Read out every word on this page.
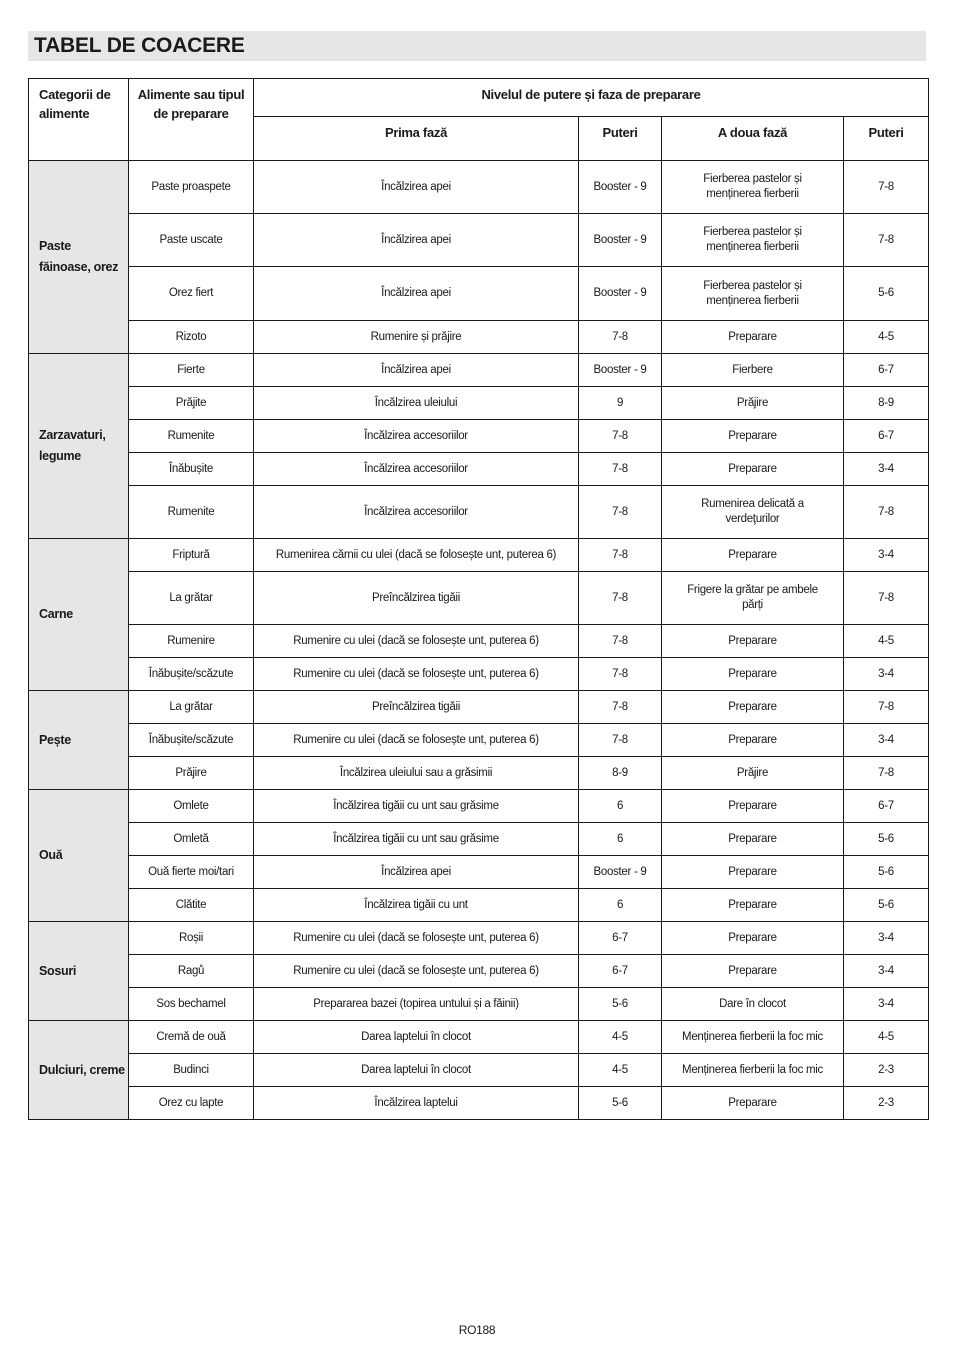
TABEL DE COACERE
Categorii de alimente	Alimente sau tipul de preparare	Nivelul de putere și faza de preparare			
		Prima fază	Puteri	A doua fază	Puteri
Paste făinoase, orez	Paste proaspete	Încălzirea apei	Booster - 9	Fierberea pastelor și menținerea fierberii	7-8
	Paste uscate	Încălzirea apei	Booster - 9	Fierberea pastelor și menținerea fierberii	7-8
	Orez fiert	Încălzirea apei	Booster - 9	Fierberea pastelor și menținerea fierberii	5-6
	Rizoto	Rumenire și prăjire	7-8	Preparare	4-5
Zarzavaturi, legume	Fierte	Încălzirea apei	Booster - 9	Fierbere	6-7
	Prăjite	Încălzirea uleiului	9	Prăjire	8-9
	Rumenite	Încălzirea accesoriilor	7-8	Preparare	6-7
	Înăbușite	Încălzirea accesoriilor	7-8	Preparare	3-4
	Rumenite	Încălzirea accesoriilor	7-8	Rumenirea delicată a verdeţurilor	7-8
Carne	Friptură	Rumenirea cărnii cu ulei (dacă se folosește unt, puterea 6)	7-8	Preparare	3-4
	La grătar	Preîncălzirea tigăii	7-8	Frigere la grătar pe ambele părți	7-8
	Rumenire	Rumenire cu ulei (dacă se folosește unt, puterea 6)	7-8	Preparare	4-5
	Înăbușite/scăzute	Rumenire cu ulei (dacă se folosește unt, puterea 6)	7-8	Preparare	3-4
Pește	La grătar	Preîncălzirea tigăii	7-8	Preparare	7-8
	Înăbușite/scăzute	Rumenire cu ulei (dacă se folosește unt, puterea 6)	7-8	Preparare	3-4
	Prăjire	Încălzirea uleiului sau a grăsimii	8-9	Prăjire	7-8
Ouă	Omlete	Încălzirea tigăii cu unt sau grăsime	6	Preparare	6-7
	Omletă	Încălzirea tigăii cu unt sau grăsime	6	Preparare	5-6
	Ouă fierte moi/tari	Încălzirea apei	Booster - 9	Preparare	5-6
	Clătite	Încălzirea tigăii cu unt	6	Preparare	5-6
Sosuri	Roșii	Rumenire cu ulei (dacă se folosește unt, puterea 6)	6-7	Preparare	3-4
	Ragů	Rumenire cu ulei (dacă se folosește unt, puterea 6)	6-7	Preparare	3-4
	Sos bechamel	Prepararea bazei (topirea untului și a făinii)	5-6	Dare în clocot	3-4
Dulciuri, creme	Cremă de ouă	Darea laptelui în clocot	4-5	Menținerea fierberii la foc mic	4-5
	Budinci	Darea laptelui în clocot	4-5	Menținerea fierberii la foc mic	2-3
	Orez cu lapte	Încălzirea laptelui	5-6	Preparare	2-3
RO188
